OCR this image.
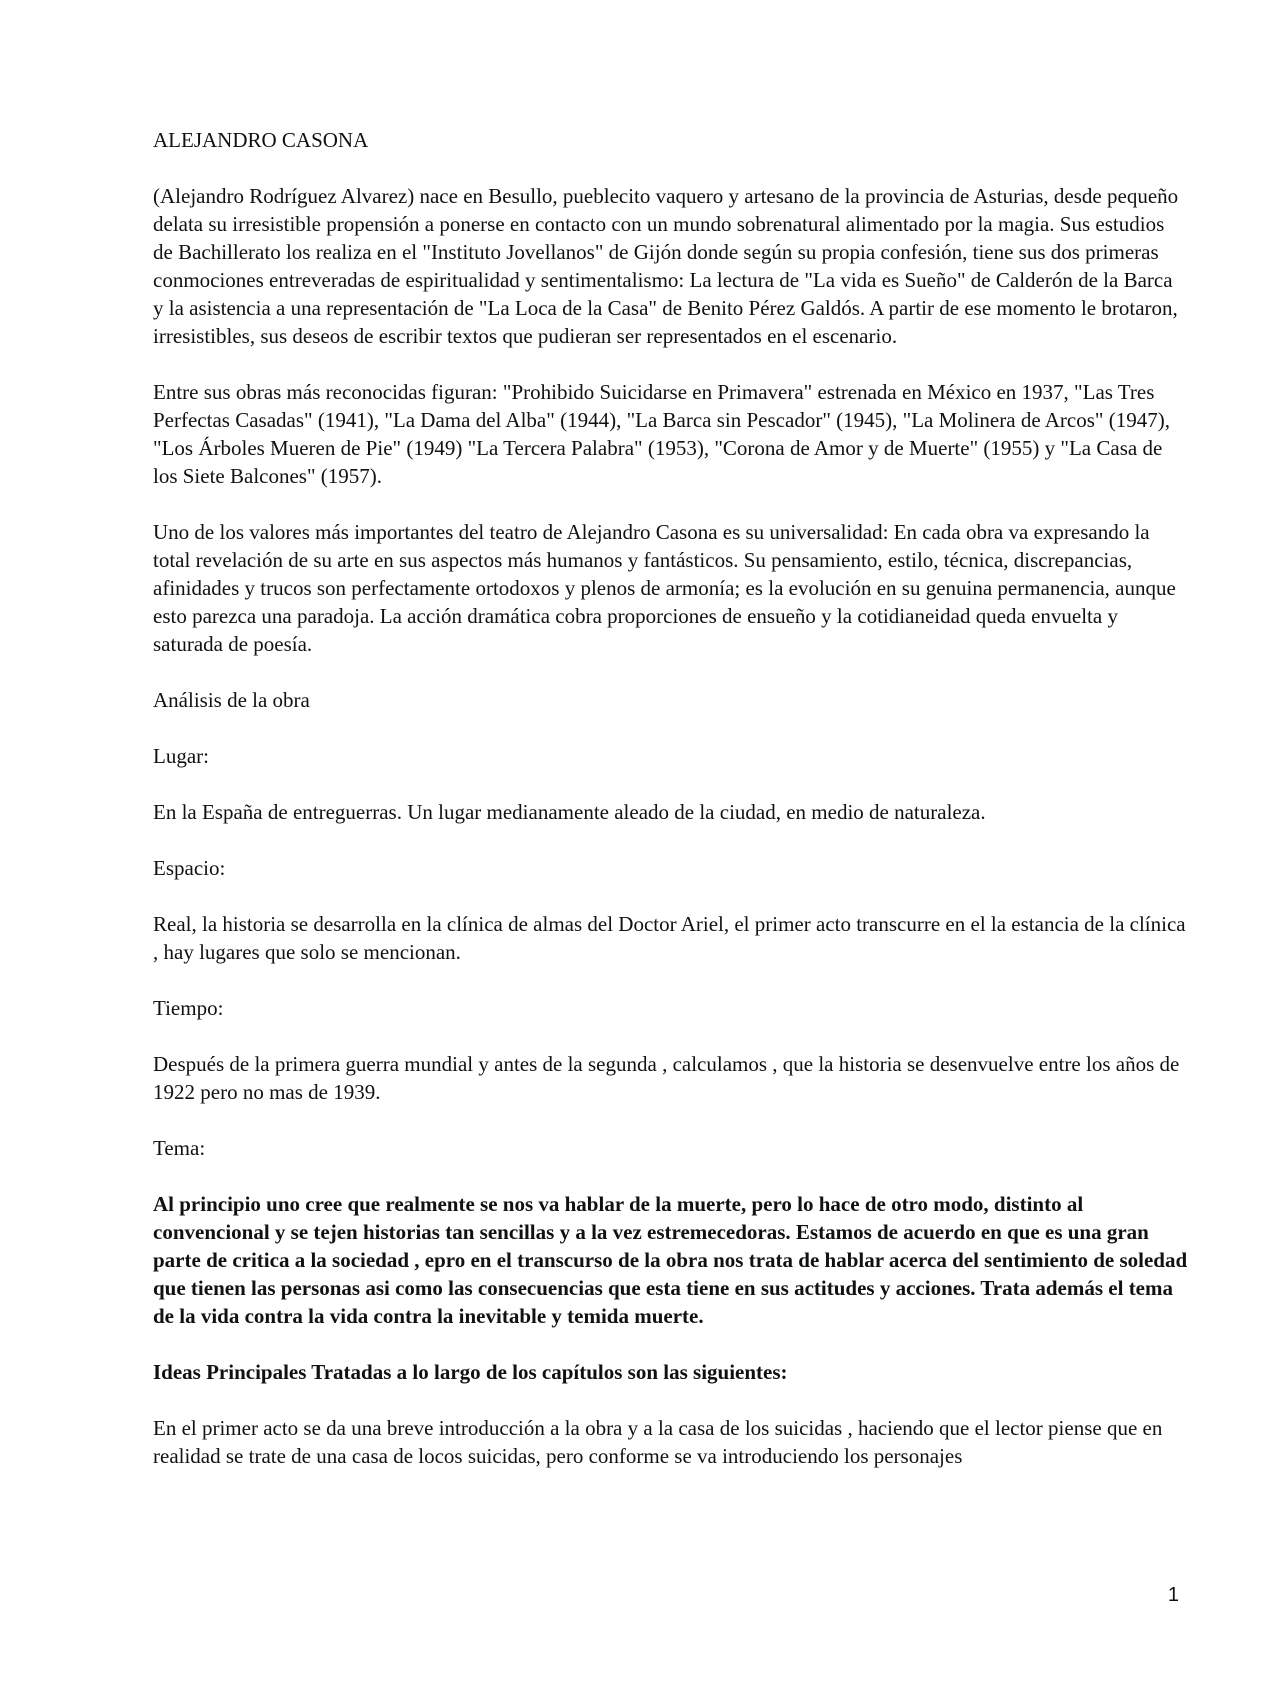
ALEJANDRO CASONA

(Alejandro Rodríguez Alvarez) nace en Besullo, pueblecito vaquero y artesano de la provincia de Asturias, desde pequeño delata su irresistible propensión a ponerse en contacto con un mundo sobrenatural alimentado por la magia. Sus estudios de Bachillerato los realiza en el "Instituto Jovellanos" de Gijón donde según su propia confesión, tiene sus dos primeras conmociones entreveradas de espiritualidad y sentimentalismo: La lectura de "La vida es Sueño" de Calderón de la Barca y la asistencia a una representación de "La Loca de la Casa" de Benito Pérez Galdós. A partir de ese momento le brotaron, irresistibles, sus deseos de escribir textos que pudieran ser representados en el escenario.

Entre sus obras más reconocidas figuran: "Prohibido Suicidarse en Primavera" estrenada en México en 1937, "Las Tres Perfectas Casadas" (1941), "La Dama del Alba" (1944), "La Barca sin Pescador" (1945), "La Molinera de Arcos" (1947), "Los Árboles Mueren de Pie" (1949) "La Tercera Palabra" (1953), "Corona de Amor y de Muerte" (1955) y "La Casa de los Siete Balcones" (1957).

Uno de los valores más importantes del teatro de Alejandro Casona es su universalidad: En cada obra va expresando la total revelación de su arte en sus aspectos más humanos y fantásticos. Su pensamiento, estilo, técnica, discrepancias, afinidades y trucos son perfectamente ortodoxos y plenos de armonía; es la evolución en su genuina permanencia, aunque esto parezca una paradoja. La acción dramática cobra proporciones de ensueño y la cotidianeidad queda envuelta y saturada de poesía.

Análisis de la obra

Lugar:

En la España de entreguerras. Un lugar medianamente aleado de la ciudad, en medio de naturaleza.

Espacio:

Real, la historia se desarrolla en la clínica de almas del Doctor Ariel, el primer acto transcurre en el la estancia de la clínica , hay lugares que solo se mencionan.

Tiempo:

Después de la primera guerra mundial y antes de la segunda , calculamos , que la historia se desenvuelve entre los años de 1922 pero no mas de 1939.

Tema:

Al principio uno cree que realmente se nos va hablar de la muerte, pero lo hace de otro modo, distinto al convencional y se tejen historias tan sencillas y a la vez estremecedoras. Estamos de acuerdo en que es una gran parte de critica a la sociedad , epro en el transcurso de la obra nos trata de hablar acerca del sentimiento de soledad que tienen las personas asi como las consecuencias que esta tiene en sus actitudes y acciones. Trata además el tema de la vida contra la vida contra la inevitable y temida muerte.

Ideas Principales Tratadas a lo largo de los capítulos son las siguientes:

En el primer acto se da una breve introducción a la obra y a la casa de los suicidas , haciendo que el lector piense que en realidad se trate de una casa de locos suicidas, pero conforme se va introduciendo los personajes

1
